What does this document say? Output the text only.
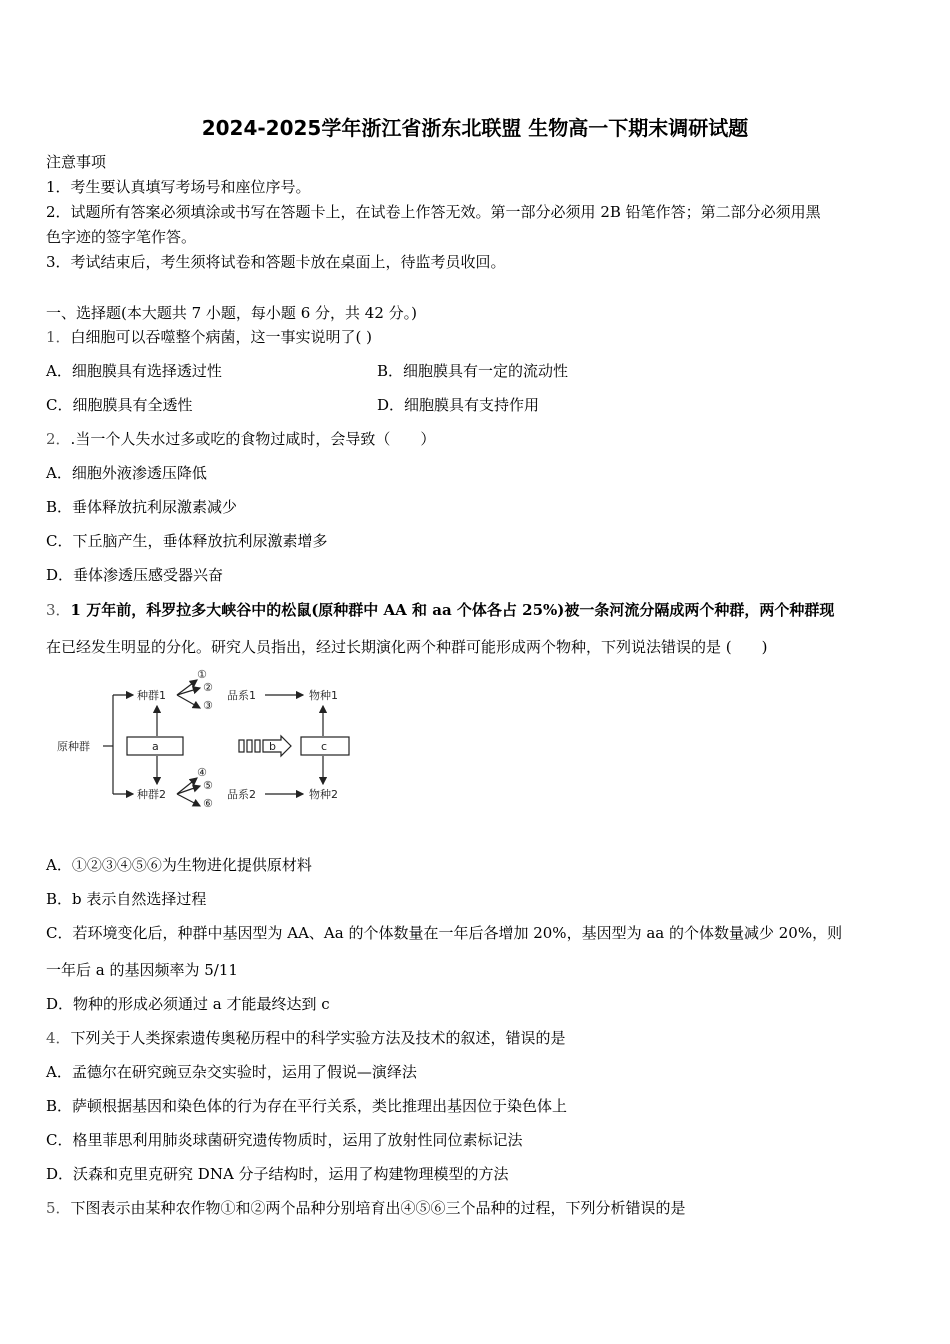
2024-2025学年浙江省浙东北联盟 生物高一下期末调研试题
注意事项
1．考生要认真填写考场号和座位序号。
2．试题所有答案必须填涂或书写在答题卡上，在试卷上作答无效。第一部分必须用 2B 铅笔作答；第二部分必须用黑
色字迹的签字笔作答。
3．考试结束后，考生须将试卷和答题卡放在桌面上，待监考员收回。
一、选择题(本大题共 7 小题，每小题 6 分，共 42 分。)
1．白细胞可以吞噬整个病菌，这一事实说明了( )
A．细胞膜具有选择透过性	B．细胞膜具有一定的流动性
C．细胞膜具有全透性	D．细胞膜具有支持作用
2．.当一个人失水过多或吃的食物过咸时，会导致（　　）
A．细胞外液渗透压降低
B．垂体释放抗利尿激素减少
C．下丘脑产生，垂体释放抗利尿激素增多
D．垂体渗透压感受器兴奋
3．1 万年前，科罗拉多大峡谷中的松鼠(原种群中 AA 和 aa 个体各占 25%)被一条河流分隔成两个种群，两个种群现
在已经发生明显的分化。研究人员指出，经过长期演化两个种群可能形成两个物种，下列说法错误的是 (　　)
原种群
种群1
种群2
品系1
品系2
物种1
物种2
a	b	c
①
②
③
④
⑤
⑥
A．①②③④⑤⑥为生物进化提供原材料
B．b 表示自然选择过程
C．若环境变化后，种群中基因型为 AA、Aa 的个体数量在一年后各增加 20%，基因型为 aa 的个体数量减少 20%，则
一年后 a 的基因频率为 5/11
D．物种的形成必须通过 a 才能最终达到 c
4．下列关于人类探索遗传奥秘历程中的科学实验方法及技术的叙述，错误的是
A．孟德尔在研究豌豆杂交实验时，运用了假说—演绎法
B．萨顿根据基因和染色体的行为存在平行关系，类比推理出基因位于染色体上
C．格里菲思利用肺炎球菌研究遗传物质时，运用了放射性同位素标记法
D．沃森和克里克研究 DNA 分子结构时，运用了构建物理模型的方法
5．下图表示由某种农作物①和②两个品种分别培育出④⑤⑥三个品种的过程，下列分析错误的是
